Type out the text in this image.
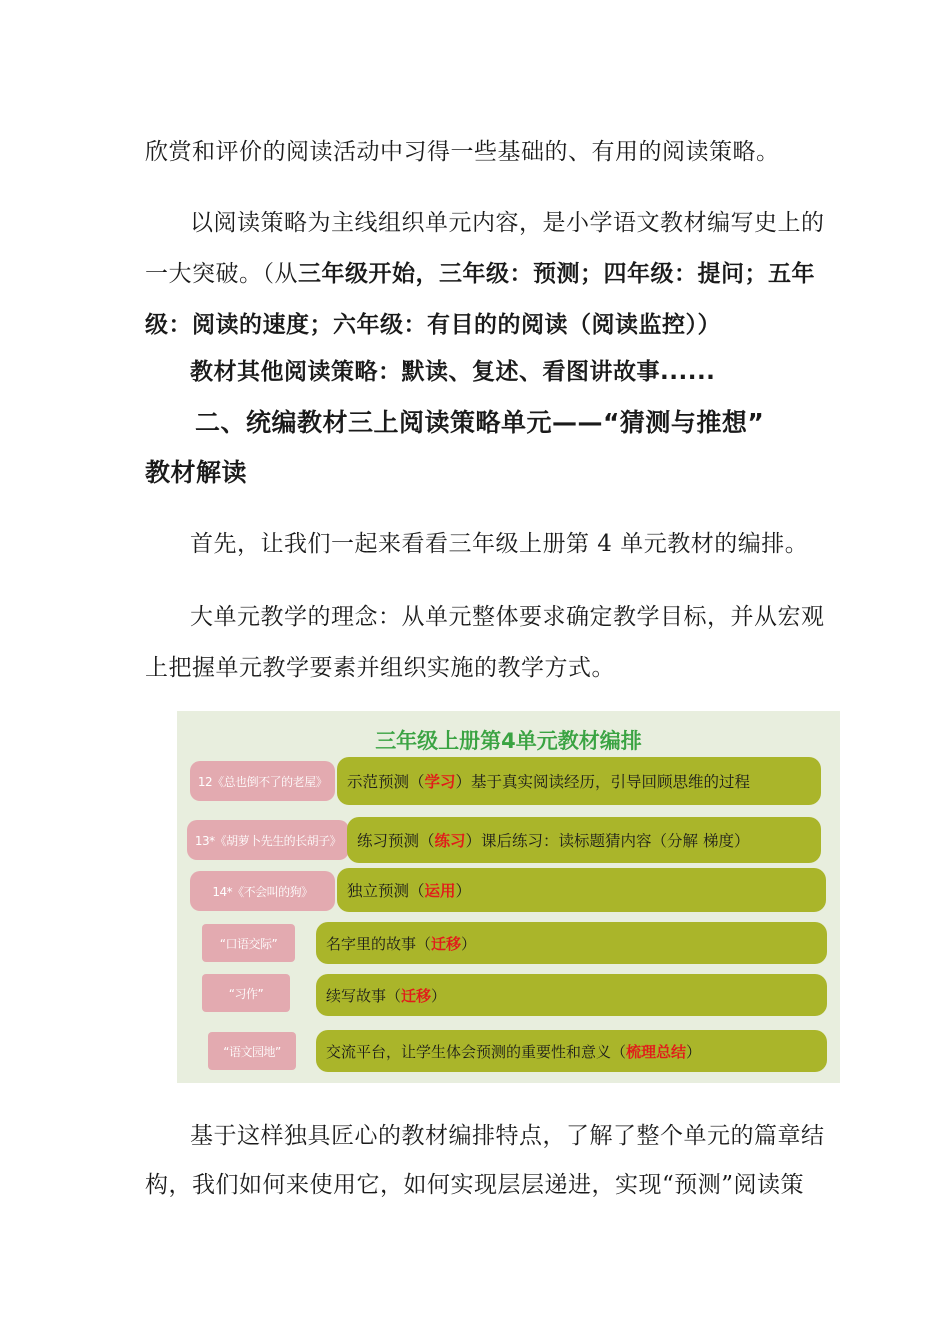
欣赏和评价的阅读活动中习得一些基础的、有用的阅读策略。
以阅读策略为主线组织单元内容，是小学语文教材编写史上的
一大突破。（从三年级开始，三年级：预测；四年级：提问；五年
级：阅读的速度；六年级：有目的的阅读（阅读监控））
教材其他阅读策略：默读、复述、看图讲故事......
二、统编教材三上阅读策略单元——“猜测与推想”
教材解读
首先，让我们一起来看看三年级上册第 4 单元教材的编排。
大单元教学的理念：从单元整体要求确定教学目标，并从宏观
上把握单元教学要素并组织实施的教学方式。
三年级上册第4单元教材编排
12《总也倒不了的老屋》	示范预测（ 学习 ）基于真实阅读经历，引导回顾思维的过程
13*《胡萝卜先生的长胡子》	练习预测（ 练习 ）课后练习：读标题猜内容（分解 梯度）
14*《不会叫的狗》	独立预测（ 运用 ）
“口语交际”	名字里的故事（ 迁移 ）
“习作”	续写故事（ 迁移 ）
“语文园地”	交流平台，让学生体会预测的重要性和意义（ 梳理总结 ）
基于这样独具匠心的教材编排特点，了解了整个单元的篇章结
构，我们如何来使用它，如何实现层层递进，实现“预测”阅读策
